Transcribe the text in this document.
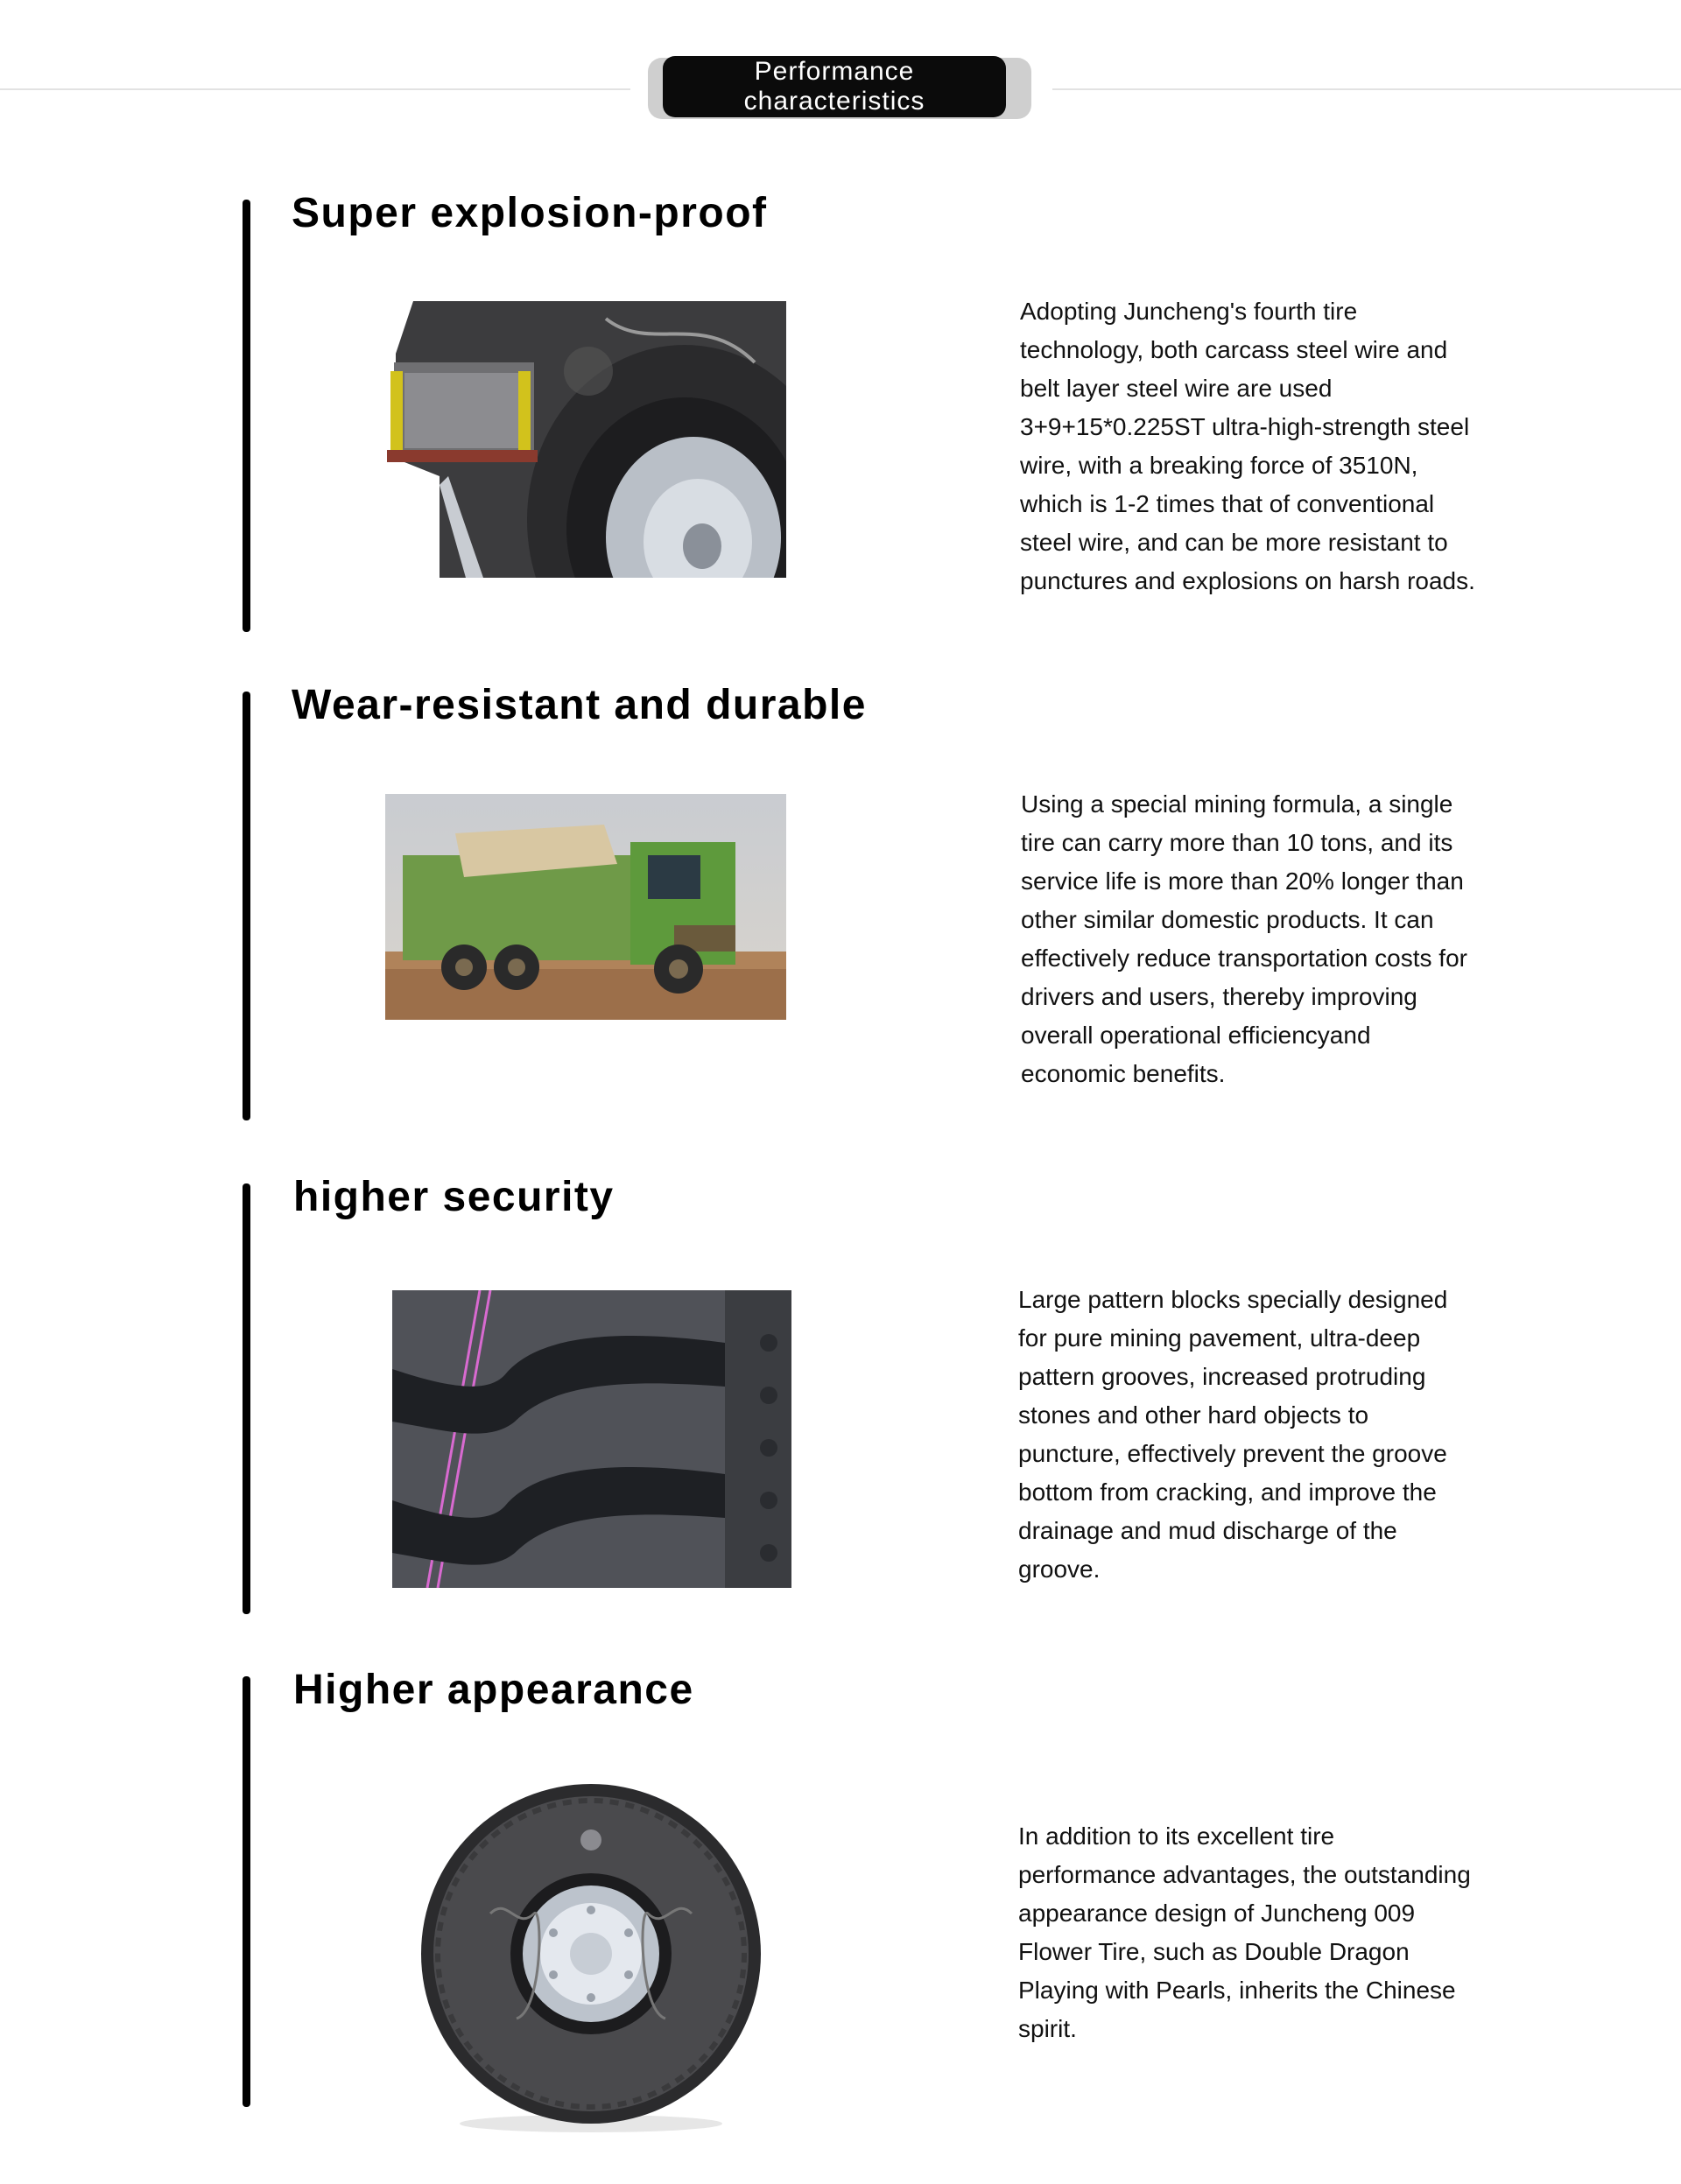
Performance
characteristics
Super explosion-proof
Adopting Juncheng's fourth tire technology, both carcass steel wire and belt layer steel wire are used 3+9+15*0.225ST ultra-high-strength steel wire, with a breaking force of 3510N, which is 1-2 times that of conventional steel wire, and can be more resistant to punctures and explosions on harsh roads.
Wear-resistant and durable
Using a special mining formula, a single tire can carry more than 10 tons, and its service life is more than 20% longer than other similar domestic products. It can effectively reduce transportation costs for drivers and users, thereby improving overall operational efficiencyand economic benefits.
higher security
Large pattern blocks specially designed for pure mining pavement, ultra-deep pattern grooves, increased protruding stones and other hard objects to puncture, effectively prevent the groove bottom from cracking, and improve the drainage and mud discharge of the groove.
Higher appearance
In addition to its excellent tire performance advantages, the outstanding appearance design of Juncheng 009 Flower Tire, such as Double Dragon Playing with Pearls, inherits the Chinese spirit.
